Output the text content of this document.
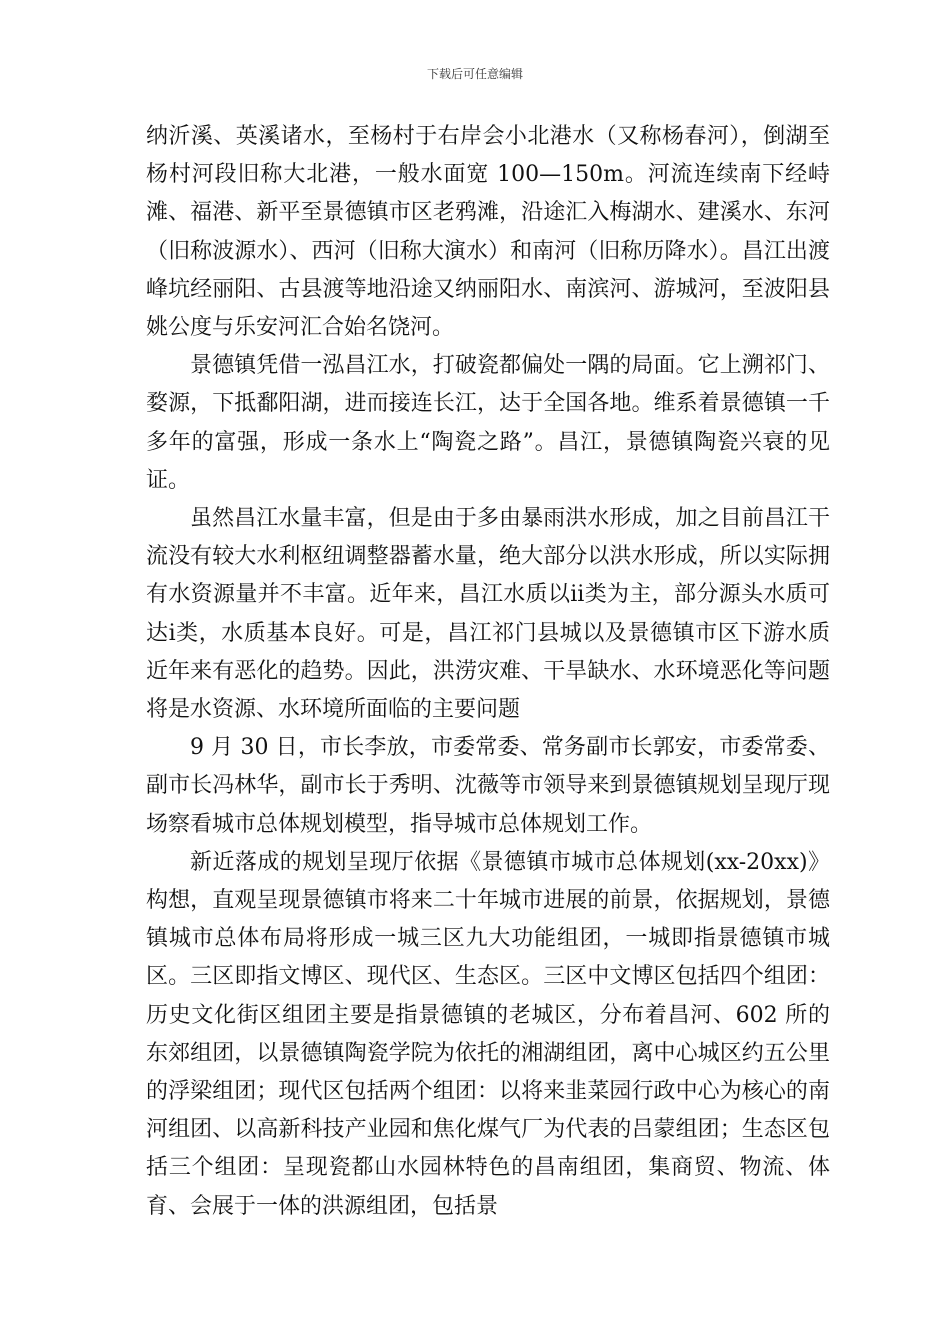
下载后可任意编辑

纳沂溪、英溪诸水，至杨村于右岸会小北港水（又称杨春河），倒湖至杨村河段旧称大北港，一般水面宽 100—150m。河流连续南下经峙滩、福港、新平至景德镇市区老鸦滩，沿途汇入梅湖水、建溪水、东河（旧称波源水）、西河（旧称大演水）和南河（旧称历降水）。昌江出渡峰坑经丽阳、古县渡等地沿途又纳丽阳水、南滨河、游城河，至波阳县姚公度与乐安河汇合始名饶河。

景德镇凭借一泓昌江水，打破瓷都偏处一隅的局面。它上溯祁门、婺源，下抵鄱阳湖，进而接连长江，达于全国各地。维系着景德镇一千多年的富强，形成一条水上“陶瓷之路”。昌江，景德镇陶瓷兴衰的见证。

虽然昌江水量丰富，但是由于多由暴雨洪水形成，加之目前昌江干流没有较大水利枢纽调整器蓄水量，绝大部分以洪水形成，所以实际拥有水资源量并不丰富。近年来，昌江水质以ⅱ类为主，部分源头水质可达ⅰ类，水质基本良好。可是，昌江祁门县城以及景德镇市区下游水质近年来有恶化的趋势。因此，洪涝灾难、干旱缺水、水环境恶化等问题将是水资源、水环境所面临的主要问题

9 月 30 日，市长李放，市委常委、常务副市长郭安，市委常委、副市长冯林华，副市长于秀明、沈薇等市领导来到景德镇规划呈现厅现场察看城市总体规划模型，指导城市总体规划工作。

新近落成的规划呈现厅依据《景德镇市城市总体规划(xx-20xx)》构想，直观呈现景德镇市将来二十年城市进展的前景，依据规划，景德镇城市总体布局将形成一城三区九大功能组团，一城即指景德镇市城区。三区即指文博区、现代区、生态区。三区中文博区包括四个组团：历史文化街区组团主要是指景德镇的老城区，分布着昌河、602 所的东郊组团，以景德镇陶瓷学院为依托的湘湖组团，离中心城区约五公里的浮梁组团；现代区包括两个组团：以将来韭菜园行政中心为核心的南河组团、以高新科技产业园和焦化煤气厂为代表的吕蒙组团；生态区包括三个组团：呈现瓷都山水园林特色的昌南组团，集商贸、物流、体育、会展于一体的洪源组团，包括景
